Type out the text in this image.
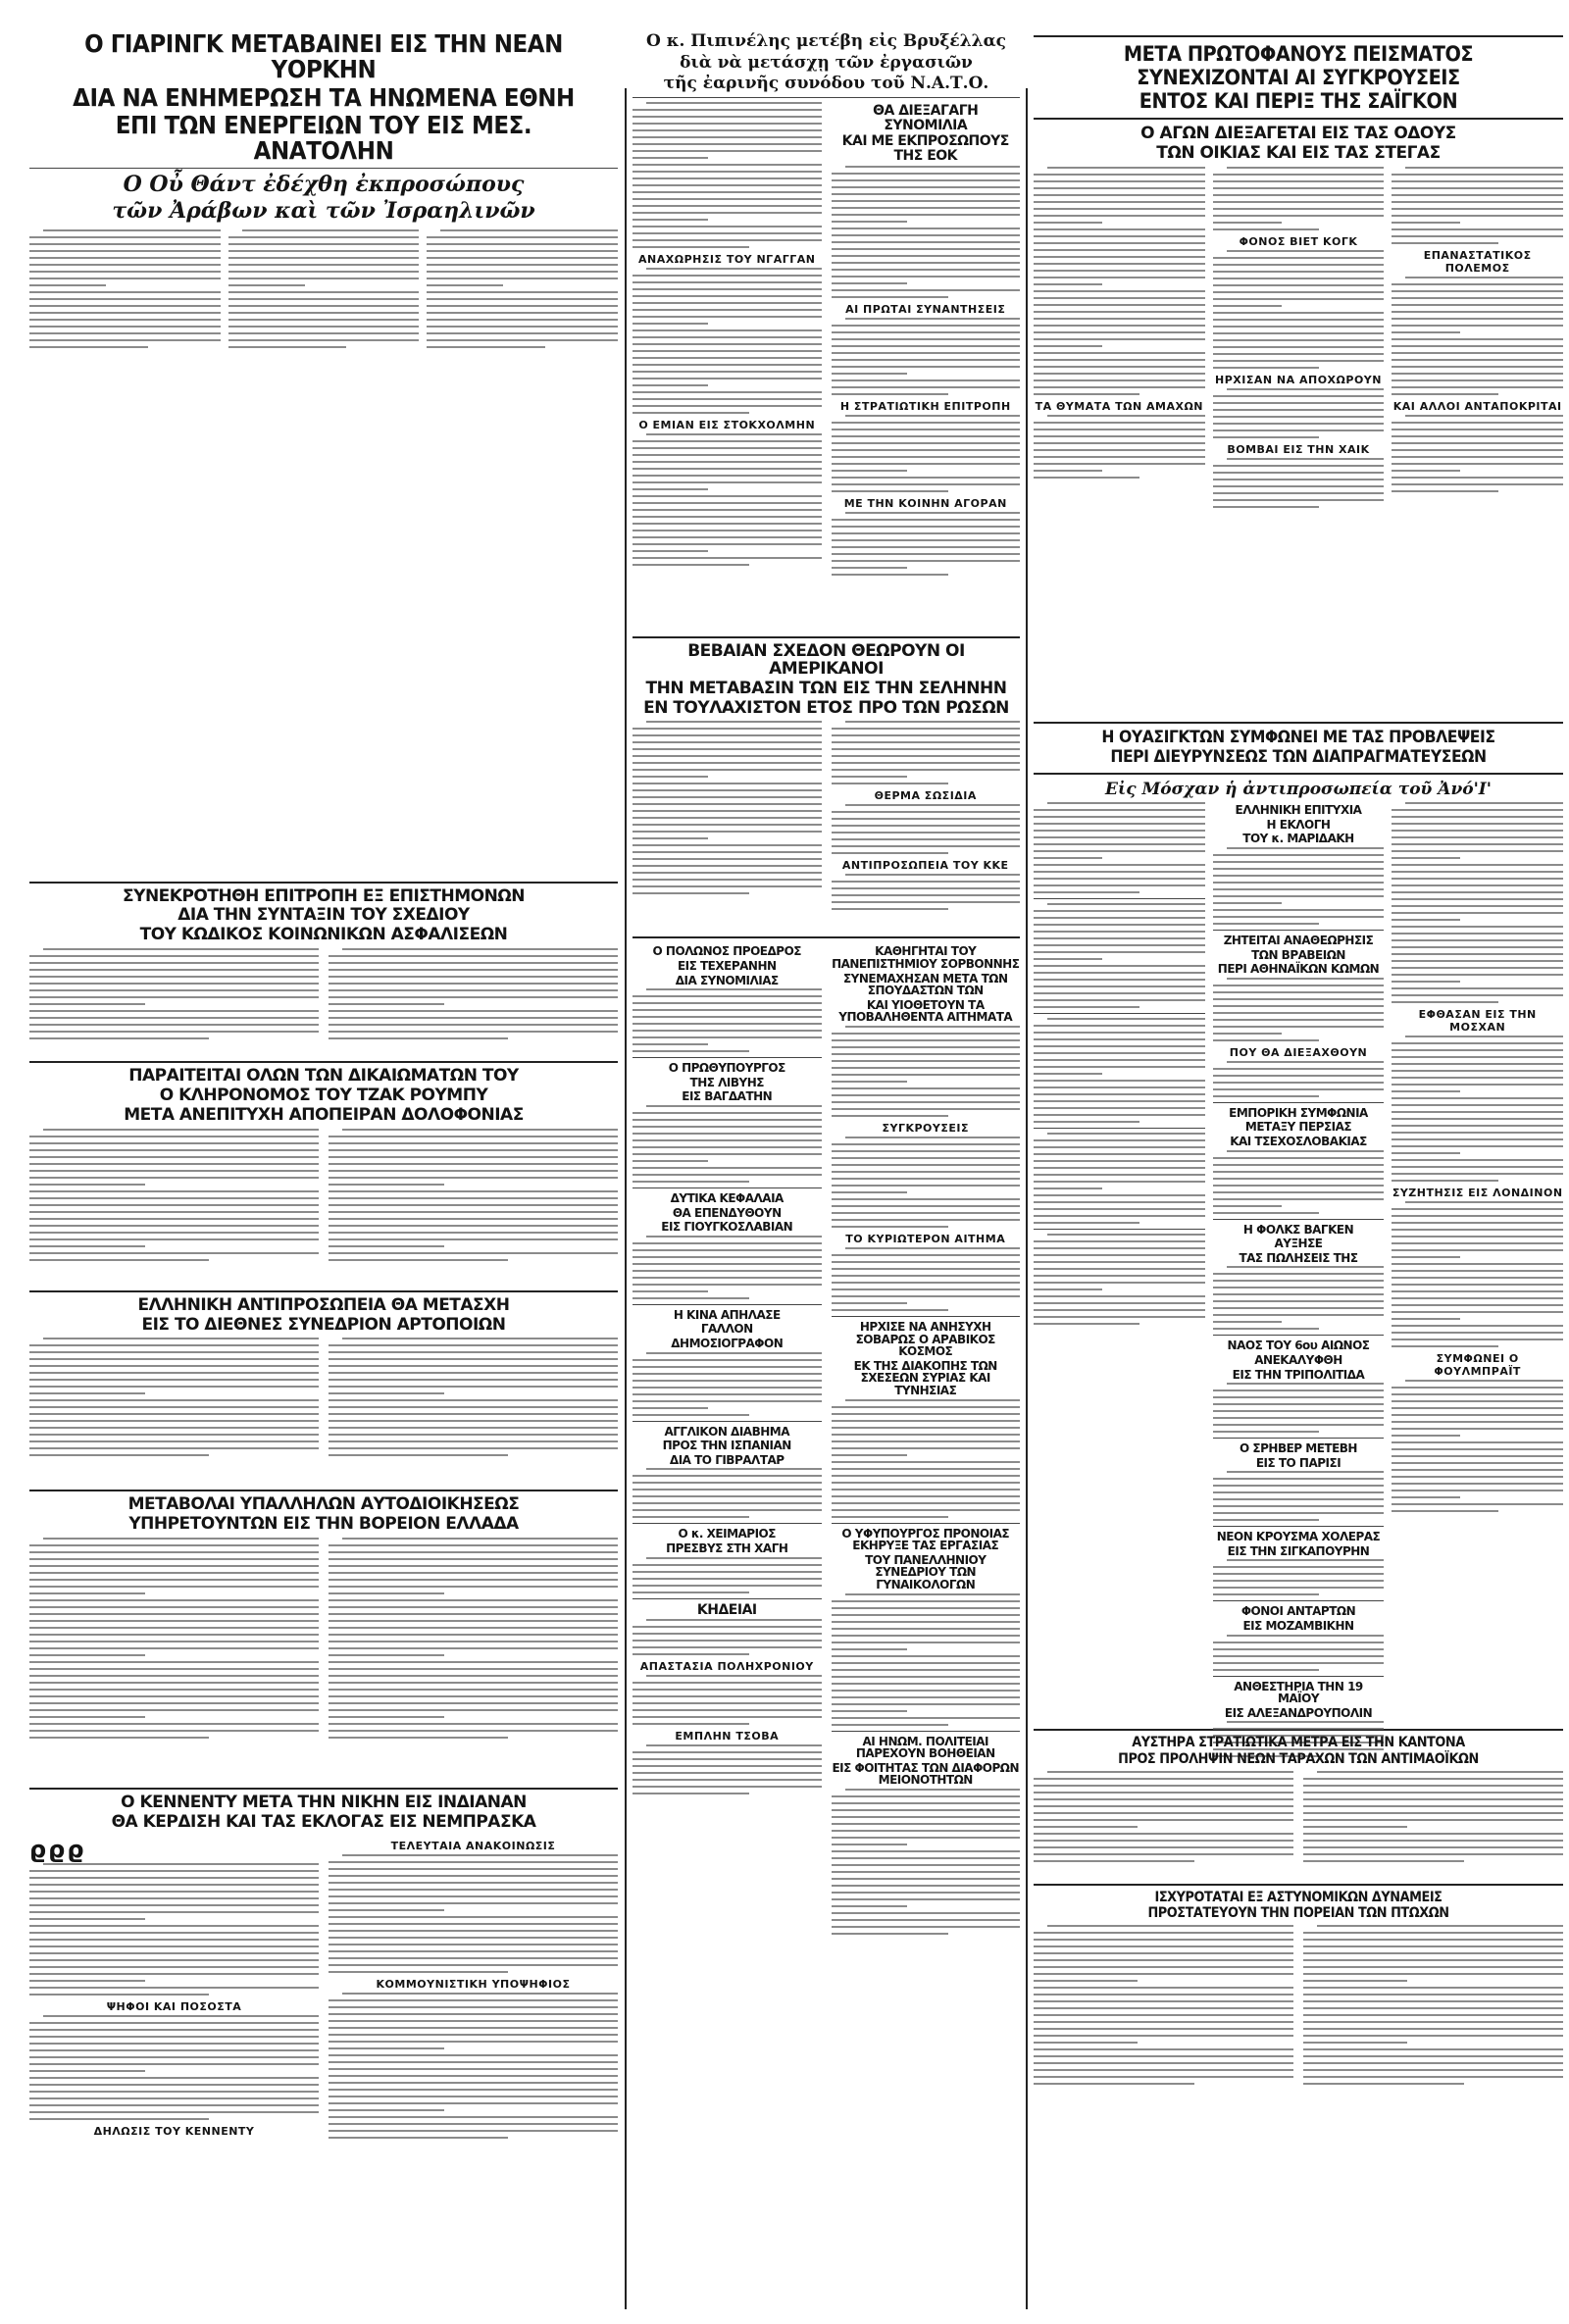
Ο ΓΙΑΡΙΝΓΚ ΜΕΤΑΒΑΙΝΕΙ ΕΙΣ ΤΗΝ ΝΕΑΝ ΥΟΡΚΗΝ
ΔΙΑ ΝΑ ΕΝΗΜΕΡΩΣΗ ΤΑ ΗΝΩΜΕΝΑ ΕΘΝΗ
ΕΠΙ ΤΩΝ ΕΝΕΡΓΕΙΩΝ ΤΟΥ ΕΙΣ ΜΕΣ. ΑΝΑΤΟΛΗΝ
Ο Οὖ Θάντ ἐδέχθη ἐκπροσώπους
τῶν Ἀράβων καὶ τῶν Ἰσραηλινῶν
ΣΥΝΕΚΡΟΤΗΘΗ ΕΠΙΤΡΟΠΗ ΕΞ ΕΠΙΣΤΗΜΟΝΩΝ
ΔΙΑ ΤΗΝ ΣΥΝΤΑΞΙΝ ΤΟΥ ΣΧΕΔΙΟΥ
ΤΟΥ ΚΩΔΙΚΟΣ ΚΟΙΝΩΝΙΚΩΝ ΑΣΦΑΛΙΣΕΩΝ
ΠΑΡΑΙΤΕΙΤΑΙ ΟΛΩΝ ΤΩΝ ΔΙΚΑΙΩΜΑΤΩΝ ΤΟΥ
Ο ΚΛΗΡΟΝΟΜΟΣ ΤΟΥ ΤΖΑΚ ΡΟΥΜΠΥ
ΜΕΤΑ ΑΝΕΠΙΤΥΧΗ ΑΠΟΠΕΙΡΑΝ ΔΟΛΟΦΟΝΙΑΣ
ΕΛΛΗΝΙΚΗ ΑΝΤΙΠΡΟΣΩΠΕΙΑ ΘΑ ΜΕΤΑΣΧΗ
ΕΙΣ ΤΟ ΔΙΕΘΝΕΣ ΣΥΝΕΔΡΙΟΝ ΑΡΤΟΠΟΙΩΝ
ΜΕΤΑΒΟΛΑΙ ΥΠΑΛΛΗΛΩΝ ΑΥΤΟΔΙΟΙΚΗΣΕΩΣ
ΥΠΗΡΕΤΟΥΝΤΩΝ ΕΙΣ ΤΗΝ ΒΟΡΕΙΟΝ ΕΛΛΑΔΑ
Ο ΚΕΝΝΕΝΤΥ ΜΕΤΑ ΤΗΝ ΝΙΚΗΝ ΕΙΣ ΙΝΔΙΑΝΑΝ
ΘΑ ΚΕΡΔΙΣΗ ΚΑΙ ΤΑΣ ΕΚΛΟΓΑΣ ΕΙΣ ΝΕΜΠΡΑΣΚΑ
ϱϱϱ
ΨΗΦΟΙ ΚΑΙ ΠΟΣΟΣΤΑ
ΔΗΛΩΣΙΣ ΤΟΥ ΚΕΝΝΕΝΤΥ
ΤΕΛΕΥΤΑΙΑ ΑΝΑΚΟΙΝΩΣΙΣ
ΚΟΜΜΟΥΝΙΣΤΙΚΗ ΥΠΟΨΗΦΙΟΣ
Ο κ. Πιπινέλης μετέβη εἰς Βρυξέλλας
διὰ νὰ μετάσχῃ τῶν ἐργασιῶν
τῆς ἐαρινῆς συνόδου τοῦ Ν.Α.Τ.Ο.
ΑΝΑΧΩΡΗΣΙΣ ΤΟΥ ΝΓΑΓΓΑΝ
Ο ΕΜΙΑΝ ΕΙΣ ΣΤΟΚΧΟΛΜΗΝ
ΘΑ ΔΙΕΞΑΓΑΓΗ ΣΥΝΟΜΙΛΙΑ
ΚΑΙ ΜΕ ΕΚΠΡΟΣΩΠΟΥΣ ΤΗΣ ΕΟΚ
ΑΙ ΠΡΩΤΑΙ ΣΥΝΑΝΤΗΣΕΙΣ
Η ΣΤΡΑΤΙΩΤΙΚΗ ΕΠΙΤΡΟΠΗ
ΜΕ ΤΗΝ ΚΟΙΝΗΝ ΑΓΟΡΑΝ
ΒΕΒΑΙΑΝ ΣΧΕΔΟΝ ΘΕΩΡΟΥΝ ΟΙ ΑΜΕΡΙΚΑΝΟΙ
ΤΗΝ ΜΕΤΑΒΑΣΙΝ ΤΩΝ ΕΙΣ ΤΗΝ ΣΕΛΗΝΗΝ
ΕΝ ΤΟΥΛΑΧΙΣΤΟΝ ΕΤΟΣ ΠΡΟ ΤΩΝ ΡΩΣΩΝ
ΘΕΡΜΑ ΣΩΣΙΔΙΑ
ΑΝΤΙΠΡΟΣΩΠΕΙΑ ΤΟΥ ΚΚΕ
Ο ΠΟΛΩΝΟΣ ΠΡΟΕΔΡΟΣ
ΕΙΣ ΤΕΧΕΡΑΝΗΝ
ΔΙΑ ΣΥΝΟΜΙΛΙΑΣ
Ο ΠΡΩΘΥΠΟΥΡΓΟΣ
ΤΗΣ ΛΙΒΥΗΣ
ΕΙΣ ΒΑΓΔΑΤΗΝ
ΔΥΤΙΚΑ ΚΕΦΑΛΑΙΑ
ΘΑ ΕΠΕΝΔΥΘΟΥΝ
ΕΙΣ ΓΙΟΥΓΚΟΣΛΑΒΙΑΝ
Η ΚΙΝΑ ΑΠΗΛΑΣΕ
ΓΑΛΛΟΝ
ΔΗΜΟΣΙΟΓΡΑΦΟΝ
ΑΓΓΛΙΚΟΝ ΔΙΑΒΗΜΑ
ΠΡΟΣ ΤΗΝ ΙΣΠΑΝΙΑΝ
ΔΙΑ ΤΟ ΓΙΒΡΑΛΤΑΡ
Ο κ. ΧΕΙΜΑΡΙΟΣ
ΠΡΕΣΒΥΣ ΣΤΗ ΧΑΓΗ
ΚΗΔΕΙΑΙ
ΑΠΑΣΤΑΣΙΑ ΠΟΛΗΧΡΟΝΙΟΥ
ΕΜΠΛΗΝ ΤΣΟΒΑ
ΚΑΘΗΓΗΤΑΙ ΤΟΥ ΠΑΝΕΠΙΣΤΗΜΙΟΥ ΣΟΡΒΟΝΝΗΣ
ΣΥΝΕΜΑΧΗΣΑΝ ΜΕΤΑ ΤΩΝ ΣΠΟΥΔΑΣΤΩΝ ΤΩΝ
ΚΑΙ ΥΙΟΘΕΤΟΥΝ ΤΑ ΥΠΟΒΑΛΗΘΕΝΤΑ ΑΙΤΗΜΑΤΑ
ΣΥΓΚΡΟΥΣΕΙΣ
ΤΟ ΚΥΡΙΩΤΕΡΟΝ ΑΙΤΗΜΑ
ΗΡΧΙΣΕ ΝΑ ΑΝΗΣΥΧΗ ΣΟΒΑΡΩΣ Ο ΑΡΑΒΙΚΟΣ ΚΟΣΜΟΣ
ΕΚ ΤΗΣ ΔΙΑΚΟΠΗΣ ΤΩΝ ΣΧΕΣΕΩΝ ΣΥΡΙΑΣ ΚΑΙ ΤΥΝΗΣΙΑΣ
Ο ΥΦΥΠΟΥΡΓΟΣ ΠΡΟΝΟΙΑΣ ΕΚΗΡΥΞΕ ΤΑΣ ΕΡΓΑΣΙΑΣ
ΤΟΥ ΠΑΝΕΛΛΗΝΙΟΥ ΣΥΝΕΔΡΙΟΥ ΤΩΝ ΓΥΝΑΙΚΟΛΟΓΩΝ
ΑΙ ΗΝΩΜ. ΠΟΛΙΤΕΙΑΙ ΠΑΡΕΧΟΥΝ ΒΟΗΘΕΙΑΝ
ΕΙΣ ΦΟΙΤΗΤΑΣ ΤΩΝ ΔΙΑΦΟΡΩΝ ΜΕΙΟΝΟΤΗΤΩΝ
ΜΕΤΑ ΠΡΩΤΟΦΑΝΟΥΣ ΠΕΙΣΜΑΤΟΣ
ΣΥΝΕΧΙΖΟΝΤΑΙ ΑΙ ΣΥΓΚΡΟΥΣΕΙΣ
ΕΝΤΟΣ ΚΑΙ ΠΕΡΙΞ ΤΗΣ ΣΑΪΓΚΟΝ
Ο ΑΓΩΝ ΔΙΕΞΑΓΕΤΑΙ ΕΙΣ ΤΑΣ ΟΔΟΥΣ
ΤΩΝ ΟΙΚΙΑΣ ΚΑΙ ΕΙΣ ΤΑΣ ΣΤΕΓΑΣ
ΤΑ ΘΥΜΑΤΑ ΤΩΝ ΑΜΑΧΩΝ
ΦΟΝΟΣ ΒΙΕΤ ΚΟΓΚ
ΗΡΧΙΣΑΝ ΝΑ ΑΠΟΧΩΡΟΥΝ
ΒΟΜΒΑΙ ΕΙΣ ΤΗΝ ΧΑΙΚ
ΕΠΑΝΑΣΤΑΤΙΚΟΣ ΠΟΛΕΜΟΣ
ΚΑΙ ΑΛΛΟΙ ΑΝΤΑΠΟΚΡΙΤΑΙ
Η ΟΥΑΣΙΓΚΤΩΝ ΣΥΜΦΩΝΕΙ ΜΕ ΤΑΣ ΠΡΟΒΛΕΨΕΙΣ
ΠΕΡΙ ΔΙΕΥΡΥΝΣΕΩΣ ΤΩΝ ΔΙΑΠΡΑΓΜΑΤΕΥΣΕΩΝ
Εἰς Μόσχαν ἡ ἀντιπροσωπεία τοῦ Ἀνό'Ι'
ΕΛΛΗΝΙΚΗ ΕΠΙΤΥΧΙΑ
Η ΕΚΛΟΓΗ
ΤΟΥ κ. ΜΑΡΙΔΑΚΗ
ΖΗΤΕΙΤΑΙ ΑΝΑΘΕΩΡΗΣΙΣ
ΤΩΝ ΒΡΑΒΕΙΩΝ
ΠΕΡΙ ΑΘΗΝΑΪΚΩΝ ΚΩΜΩΝ
ΠΟΥ ΘΑ ΔΙΕΞΑΧΘΟΥΝ
ΕΜΠΟΡΙΚΗ ΣΥΜΦΩΝΙΑ
ΜΕΤΑΞΥ ΠΕΡΣΙΑΣ
ΚΑΙ ΤΣΕΧΟΣΛΟΒΑΚΙΑΣ
Η ΦΟΛΚΣ ΒΑΓΚΕΝ
ΑΥΞΗΣΕ
ΤΑΣ ΠΩΛΗΣΕΙΣ ΤΗΣ
ΝΑΟΣ ΤΟΥ 6ου ΑΙΩΝΟΣ
ΑΝΕΚΑΛΥΦΘΗ
ΕΙΣ ΤΗΝ ΤΡΙΠΟΛΙΤΙΔΑ
Ο ΣΡΗΒΕΡ ΜΕΤΕΒΗ
ΕΙΣ ΤΟ ΠΑΡΙΣΙ
ΝΕΟΝ ΚΡΟΥΣΜΑ ΧΟΛΕΡΑΣ
ΕΙΣ ΤΗΝ ΣΙΓΚΑΠΟΥΡΗΝ
ΦΟΝΟΙ ΑΝΤΑΡΤΩΝ
ΕΙΣ ΜΟΖΑΜΒΙΚΗΝ
ΑΝΘΕΣΤΗΡΙΑ ΤΗΝ 19 ΜΑΪΟΥ
ΕΙΣ ΑΛΕΞΑΝΔΡΟΥΠΟΛΙΝ
ΕΦΘΑΣΑΝ ΕΙΣ ΤΗΝ ΜΟΣΧΑΝ
ΣΥΖΗΤΗΣΙΣ ΕΙΣ ΛΟΝΔΙΝΟΝ
ΣΥΜΦΩΝΕΙ Ο ΦΟΥΛΜΠΡΑΪΤ
ΑΥΣΤΗΡΑ ΣΤΡΑΤΙΩΤΙΚΑ ΜΕΤΡΑ ΕΙΣ ΤΗΝ ΚΑΝΤΟΝΑ
ΠΡΟΣ ΠΡΟΛΗΨΙΝ ΝΕΩΝ ΤΑΡΑΧΩΝ ΤΩΝ ΑΝΤΙΜΑΟΪΚΩΝ
ΙΣΧΥΡΟΤΑΤΑΙ ΕΞ ΑΣΤΥΝΟΜΙΚΩΝ ΔΥΝΑΜΕΙΣ
ΠΡΟΣΤΑΤΕΥΟΥΝ ΤΗΝ ΠΟΡΕΙΑΝ ΤΩΝ ΠΤΩΧΩΝ
